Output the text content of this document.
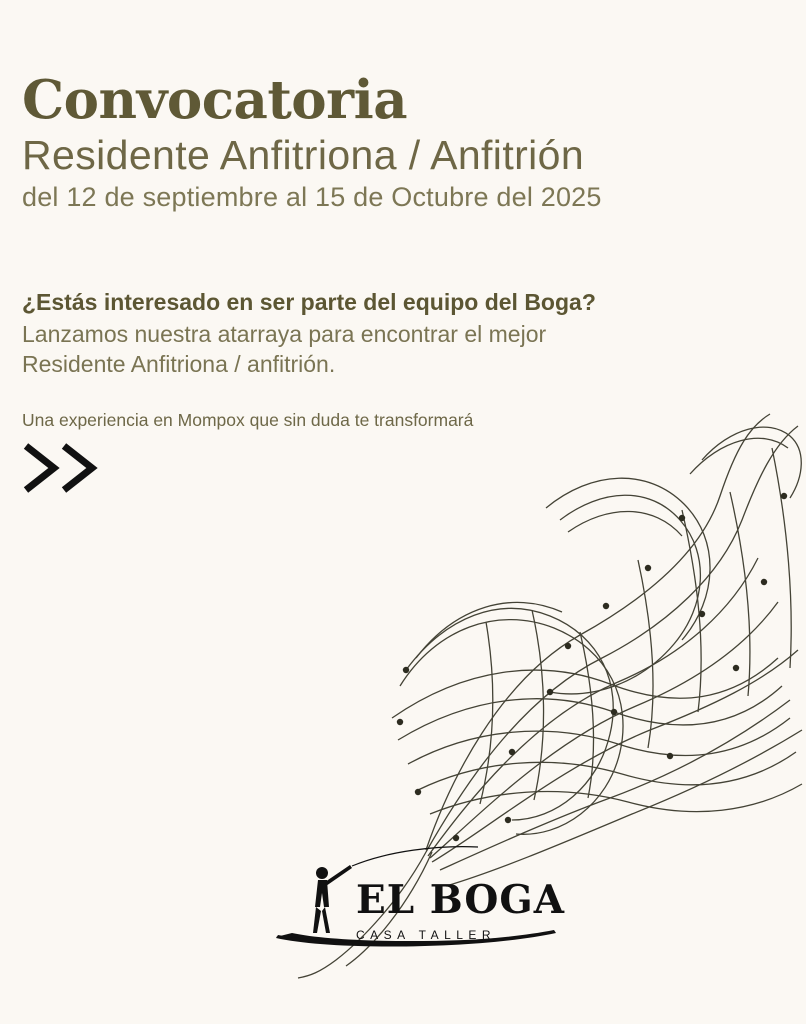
Convocatoria
Residente Anfitriona / Anfitrión

del 12 de septiembre al 15 de Octubre del 2025

¿Estás interesado en ser parte del equipo del Boga?

Lanzamos nuestra atarraya para encontrar el mejor
Residente Anfitriona / anfitrión.

Una experiencia en Mompox que sin duda te transformará

EL BOGA
CASA TALLER
